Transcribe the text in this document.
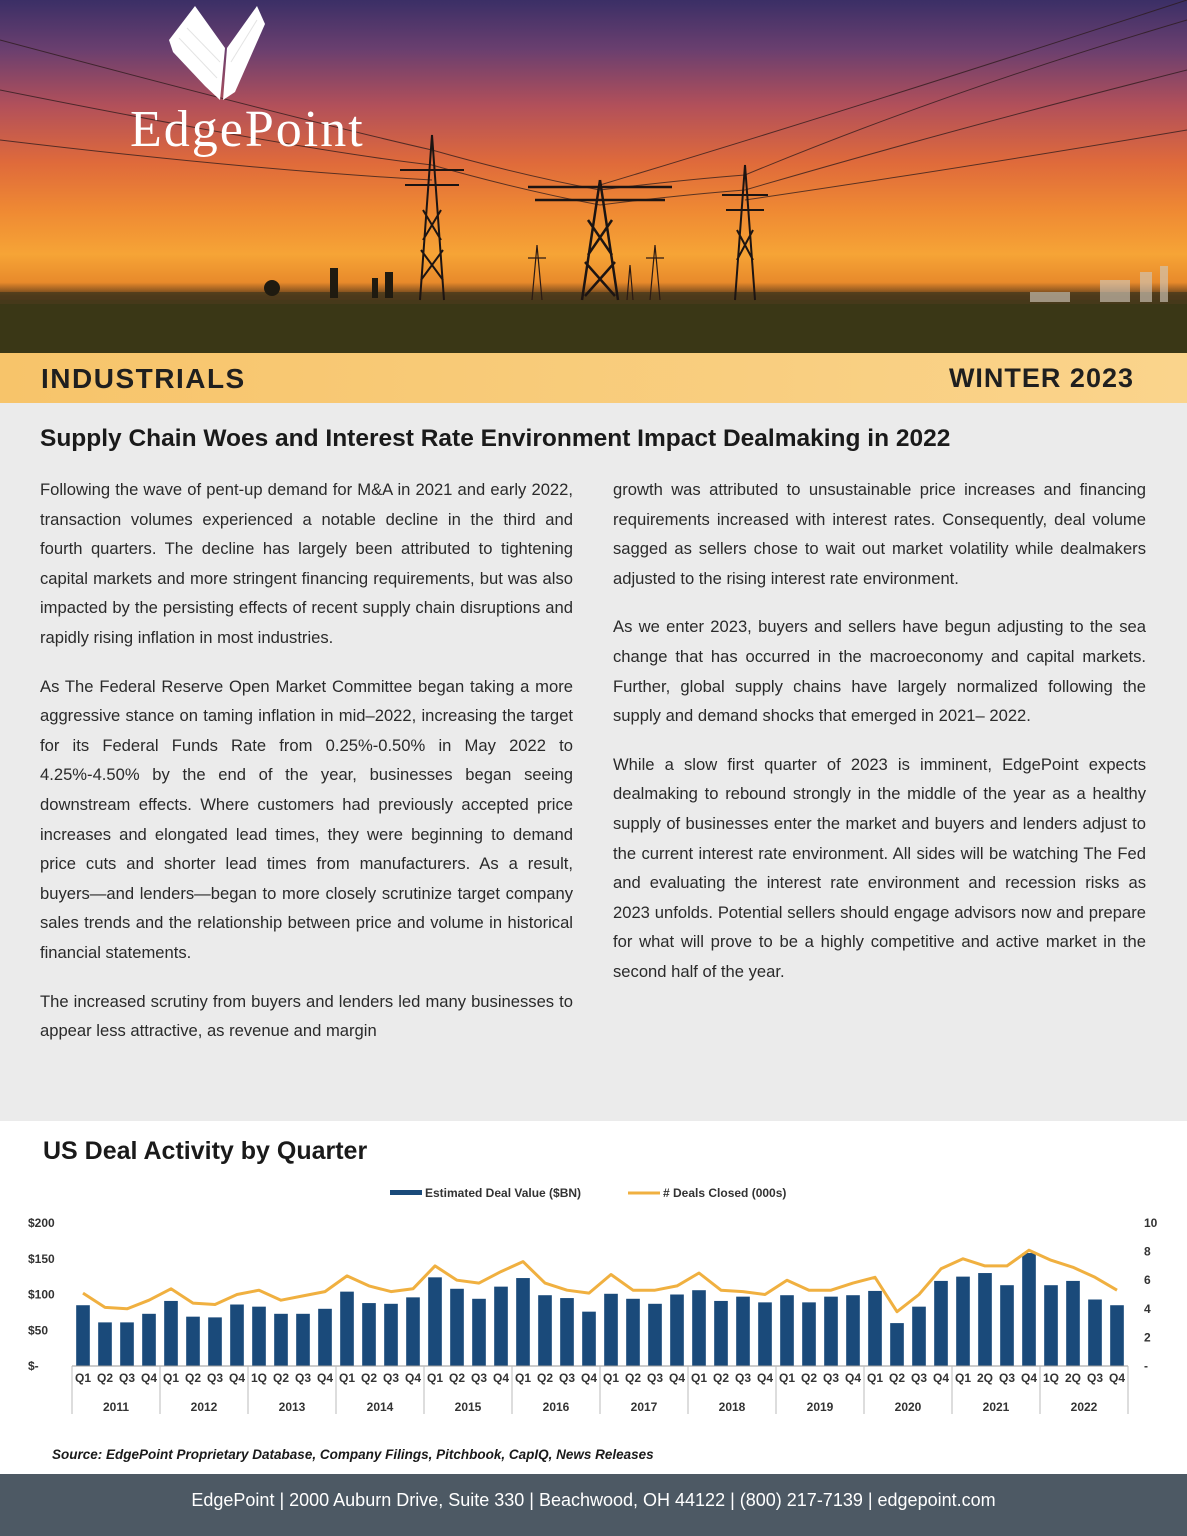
EdgePoint
INDUSTRIALS	WINTER 2023
Supply Chain Woes and Interest Rate Environment Impact Dealmaking in 2022

Following the wave of pent-up demand for M&A in 2021 and early 2022, transaction volumes experienced a notable decline in the third and fourth quarters. The decline has largely been attributed to tightening capital markets and more stringent financing requirements, but was also impacted by the persisting effects of recent supply chain disruptions and rapidly rising inflation in most industries.

As The Federal Reserve Open Market Committee began taking a more aggressive stance on taming inflation in mid–2022, increasing the target for its Federal Funds Rate from 0.25%-0.50% in May 2022 to 4.25%-4.50% by the end of the year, businesses began seeing downstream effects. Where customers had previously accepted price increases and elongated lead times, they were beginning to demand price cuts and shorter lead times from manufacturers. As a result, buyers—and lenders—began to more closely scrutinize target company sales trends and the relationship between price and volume in historical financial statements.

The increased scrutiny from buyers and lenders led many businesses to appear less attractive, as revenue and margin

growth was attributed to unsustainable price increases and financing requirements increased with interest rates. Consequently, deal volume sagged as sellers chose to wait out market volatility while dealmakers adjusted to the rising interest rate environment.

As we enter 2023, buyers and sellers have begun adjusting to the sea change that has occurred in the macroeconomy and capital markets. Further, global supply chains have largely normalized following the supply and demand shocks that emerged in 2021– 2022.

While a slow first quarter of 2023 is imminent, EdgePoint expects dealmaking to rebound strongly in the middle of the year as a healthy supply of businesses enter the market and buyers and lenders adjust to the current interest rate environment. All sides will be watching The Fed and evaluating the interest rate environment and recession risks as 2023 unfolds. Potential sellers should engage advisors now and prepare for what will prove to be a highly competitive and active market in the second half of the year.

US Deal Activity by Quarter
Estimated Deal Value ($BN)	# Deals Closed (000s)
$200
$150
$100
$50
$-
10
8
6
4
2
-
Q1 Q2 Q3 Q4 Q1 Q2 Q3 Q4 1Q Q2 Q3 Q4 Q1 Q2 Q3 Q4 Q1 Q2 Q3 Q4 Q1 Q2 Q3 Q4 Q1 Q2 Q3 Q4 Q1 Q2 Q3 Q4 Q1 Q2 Q3 Q4 Q1 Q2 Q3 Q4 Q1 2Q Q3 Q4 1Q 2Q Q3 Q4
2011	2012	2013	2014	2015	2016	2017	2018	2019	2020	2021	2022
Source: EdgePoint Proprietary Database, Company Filings, Pitchbook, CapIQ, News Releases
EdgePoint | 2000 Auburn Drive, Suite 330 | Beachwood, OH 44122 | (800) 217-7139 | edgepoint.com
